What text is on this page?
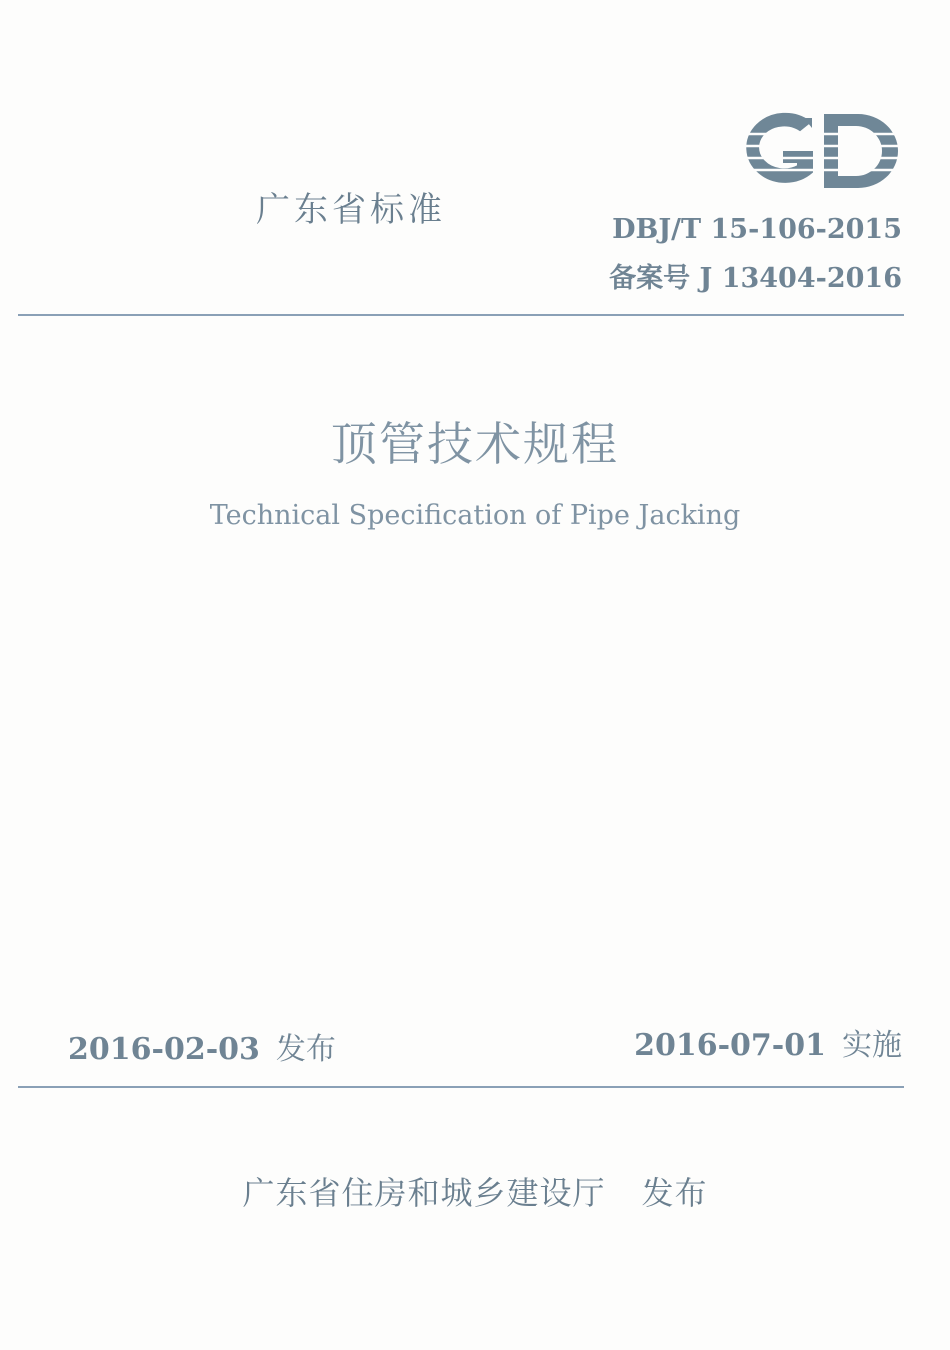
广东省标准	DBJ/T 15-106-2015
备案号 J 13404-2016
顶管技术规程
Technical Specification of Pipe Jacking
2016-02-03 发布	2016-07-01 实施
广东省住房和城乡建设厅 发布
